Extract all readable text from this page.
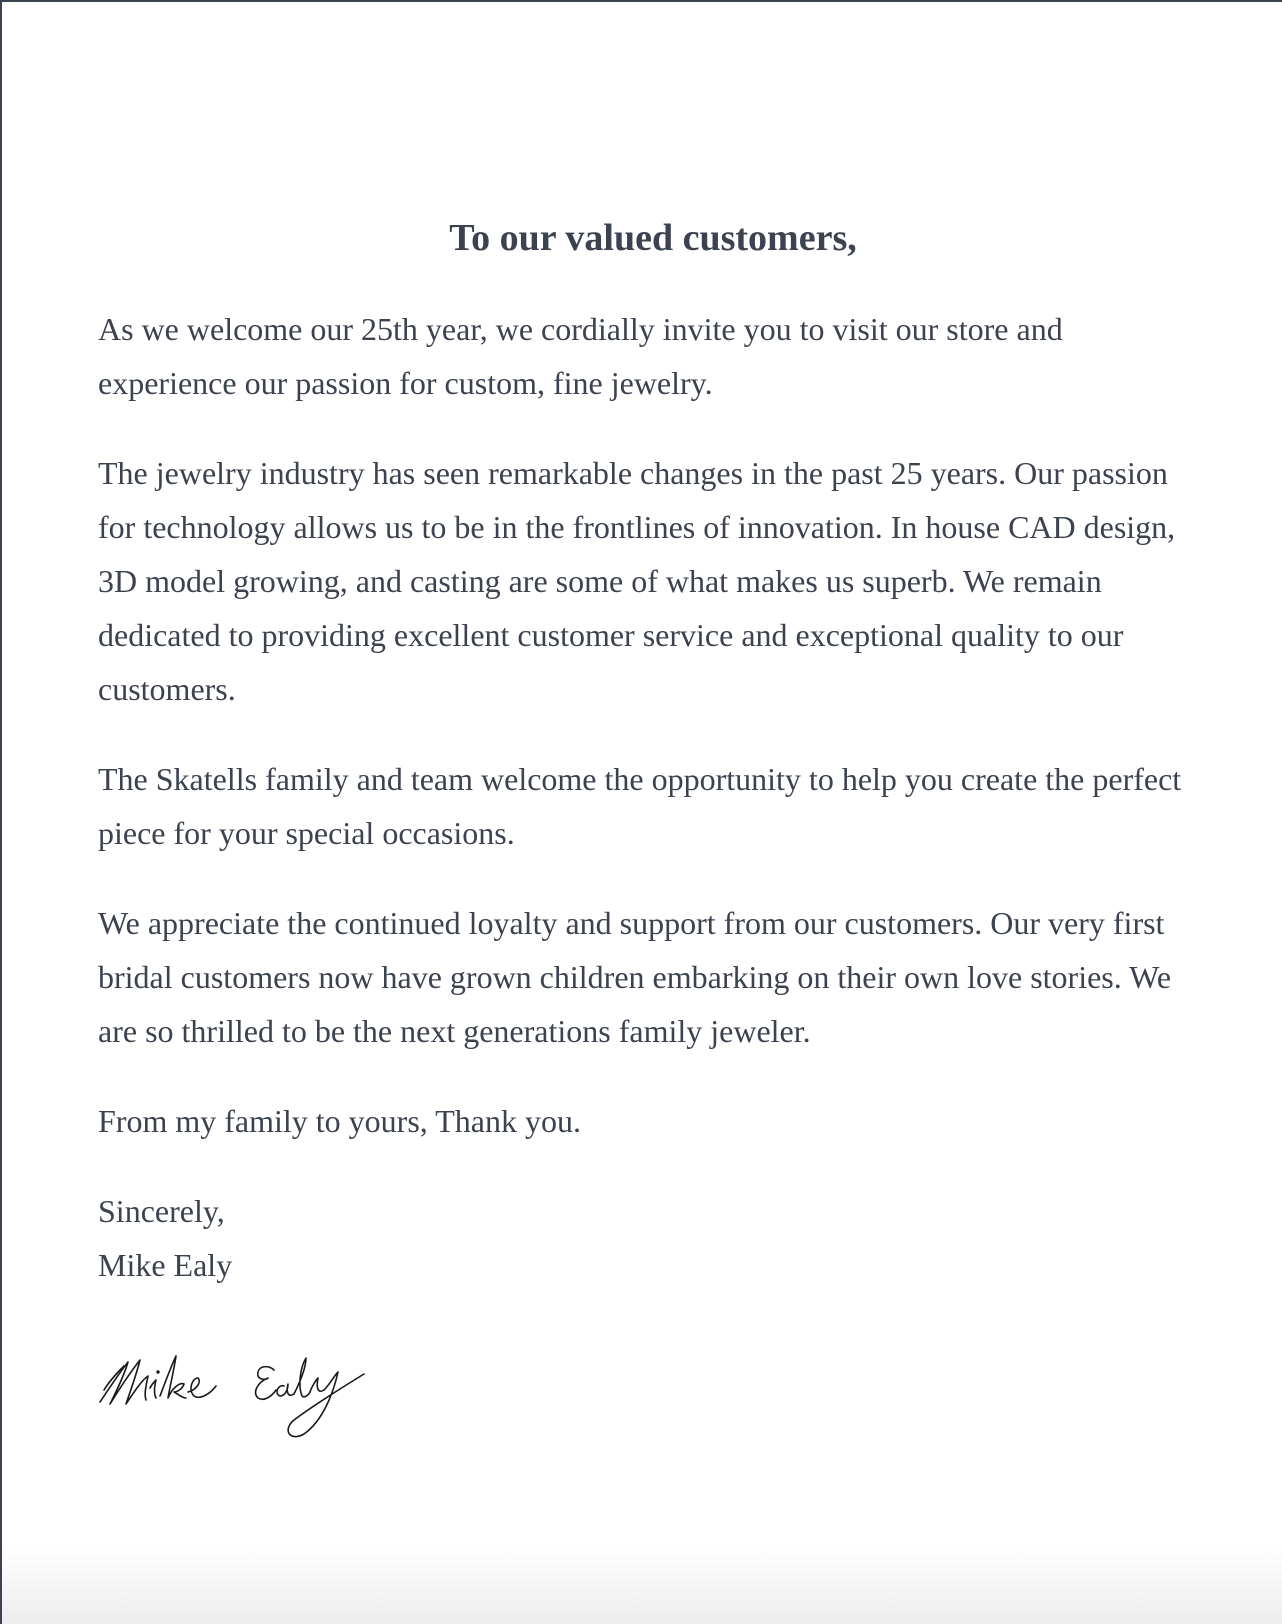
To our valued customers,

As we welcome our 25th year, we cordially invite you to visit our store and experience our passion for custom, fine jewelry.

The jewelry industry has seen remarkable changes in the past 25 years. Our passion for technology allows us to be in the frontlines of innovation. In house CAD design, 3D model growing, and casting are some of what makes us superb. We remain dedicated to providing excellent customer service and exceptional quality to our customers.

The Skatells family and team welcome the opportunity to help you create the perfect piece for your special occasions.

We appreciate the continued loyalty and support from our customers. Our very first bridal customers now have grown children embarking on their own love stories. We are so thrilled to be the next generations family jeweler.

From my family to yours, Thank you.

Sincerely,
Mike Ealy
